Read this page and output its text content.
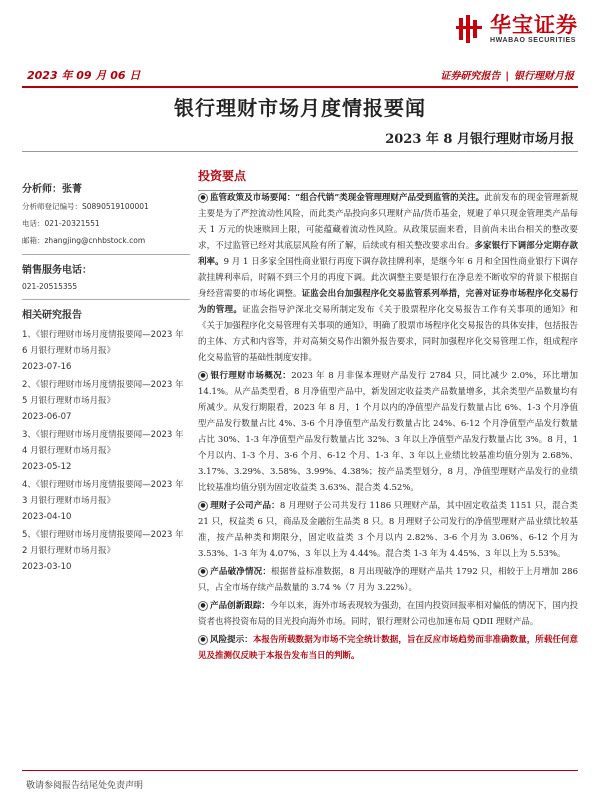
华宝证券
HWABAO SECURITIES
2023 年 09 月 06 日	证券研究报告 | 银行理财月报
银行理财市场月度情报要闻
2023 年 8 月银行理财市场月报
分析师：张菁
分析师登记编号：S0890519100001
电话：021-20321551
邮箱：zhangjing@cnhbstock.com
销售服务电话：
021-20515355
相关研究报告
1、《银行理财市场月度情报要闻—2023 年 6 月银行理财市场月报》
2023-07-16
2、《银行理财市场月度情报要闻—2023 年 5 月银行理财市场月报》
2023-06-07
3、《银行理财市场月度情报要闻—2023 年 4 月银行理财市场月报》
2023-05-12
4、《银行理财市场月度情报要闻—2023 年 3 月银行理财市场月报》
2023-04-10
5、《银行理财市场月度情报要闻—2023 年 2 月银行理财市场月报》
2023-03-10
投资要点
● 监管政策及市场要闻：“组合代销”类现金管理理财产品受到监管的关注。此前发布的现金管理新规主要是为了严控流动性风险，而此类产品投向多只理财产品/货币基金，规避了单只现金管理类产品每天 1 万元的快速赎回上限，可能蕴藏着流动性风险。从政策层面来看，目前尚未出台相关的整改要求，不过监管已经对其底层风险有所了解，后续或有相关整改要求出台。多家银行下调部分定期存款利率。9 月 1 日多家全国性商业银行再度下调存款挂牌利率，是继今年 6 月和全国性商业银行下调存款挂牌利率后，时隔不到三个月的再度下调。此次调整主要是银行在净息差不断收窄的背景下根据自身经营需要的市场化调整。证监会出台加强程序化交易监管系列举措，完善对证券市场程序化交易行为的管理。证监会指导沪深北交易所制定发布《关于股票程序化交易报告工作有关事项的通知》和《关于加强程序化交易管理有关事项的通知》，明确了股票市场程序化交易报告的具体安排，包括报告的主体、方式和内容等，并对高频交易作出额外报告要求，同时加强程序化交易管理工作，组成程序化交易监管的基础性制度安排。
● 银行理财市场概况：2023 年 8 月非保本理财产品发行 2784 只，同比减少 2.0%，环比增加 14.1%。从产品类型看，8 月净值型产品中，新发固定收益类产品数量增多，其余类型产品数量均有所减少。从发行期限看，2023 年 8 月，1 个月以内的净值型产品发行数量占比 6%、1-3 个月净值型产品发行数量占比 4%、3-6 个月净值型产品发行数量占比 24%、6-12 个月净值型产品发行数量占比 30%、1-3 年净值型产品发行数量占比 32%、3 年以上净值型产品发行数量占比 3%。8 月，1 个月以内、1-3 个月、3-6 个月、6-12 个月、1-3 年、3 年以上业绩比较基准均值分别为 2.68%、3.17%、3.29%、3.58%、3.99%、4.38%；按产品类型划分，8 月，净值型理财产品发行的业绩比较基准均值分别为固定收益类 3.63%、混合类 4.52%。
● 理财子公司产品：8 月理财子公司共发行 1186 只理财产品，其中固定收益类 1151 只，混合类 21 只，权益类 6 只，商品及金融衍生品类 8 只。8 月理财子公司发行的净值型理财产品业绩比较基准，按产品种类和期限分，固定收益类 3 个月以内 2.82%、3-6 个月为 3.06%、6-12 个月为 3.53%、1-3 年为 4.07%、3 年以上为 4.44%。混合类 1-3 年为 4.45%、3 年以上为 5.53%。
● 产品破净情况：根据普益标准数据，8 月出现破净的理财产品共 1792 只，相较于上月增加 286 只，占全市场存续产品数量的 3.74 %（7 月为 3.22%）。
● 产品创新跟踪：今年以来，海外市场表现较为强劲，在国内投资回报率相对偏低的情况下，国内投资者也将投资布局的目光投向海外市场。同时，银行理财公司也加速布局 QDII 理财产品。
● 风险提示：本报告所载数据为市场不完全统计数据，旨在反应市场趋势而非准确数量，所载任何意见及推测仅反映于本报告发布当日的判断。
敬请参阅报告结尾处免责声明
